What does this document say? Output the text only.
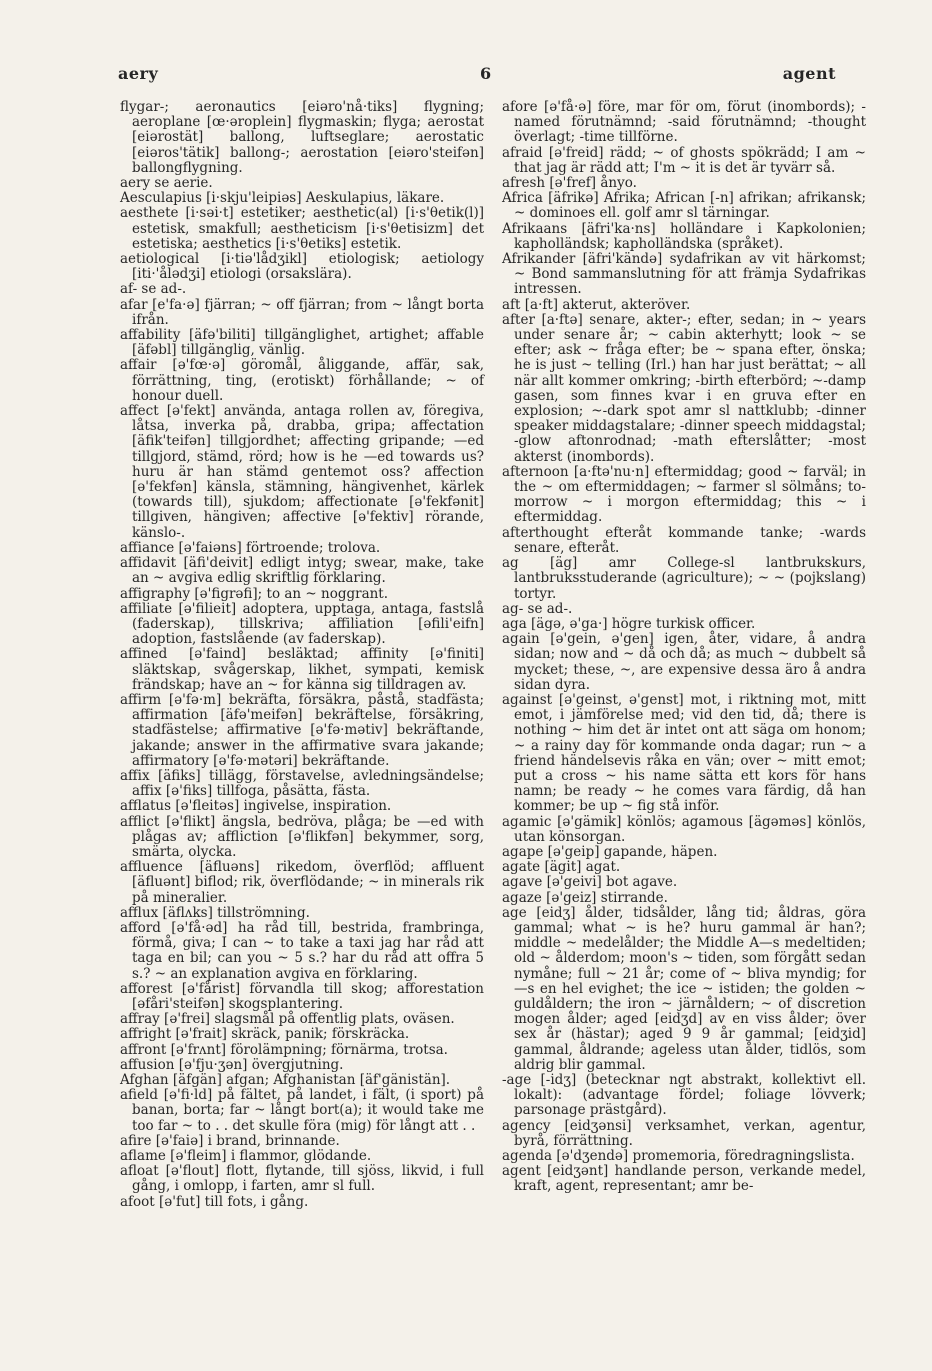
aery	6	agent

flygar-; aeronautics [eiəro'nå·tiks] flygning; aeroplane [œ·əroplein] flygmaskin; flyga; aerostat [eiərostät] ballong, luftseglare; aerostatic [eiəros'tätik] ballong-; aerostation [eiəro'steifən] ballongflygning.

aery se aerie.

Aesculapius [i·skju'leipiəs] Aeskulapius, läkare.

aesthete [i·səi·t] estetiker; aesthetic(al) [i·s'θetik(l)] estetisk, smakfull; aestheticism [i·s'θetisizm] det estetiska; aesthetics [i·s'θetiks] estetik.

aetiological [i·tiə'lådʒikl] etiologisk; aetiology [iti·'ålədʒi] etiologi (orsakslära).

af- se ad-.

afar [e'fa·ə] fjärran; ~ off fjärran; from ~ långt borta ifrån.

affability [äfə'biliti] tillgänglighet, artighet; affable [äfəbl] tillgänglig, vänlig.

affair [ə'fœ·ə] göromål, åliggande, affär, sak, förrättning, ting, (erotiskt) förhållande; ~ of honour duell.

affect [ə'fekt] använda, antaga rollen av, föregiva, låtsa, inverka på, drabba, gripa; affectation [äfik'teifən] tillgjordhet; affecting gripande; —ed tillgjord, stämd, rörd; how is he —ed towards us? huru är han stämd gentemot oss? affection [ə'fekfən] känsla, stämning, hängivenhet, kärlek (towards till), sjukdom; affectionate [ə'fekfənit] tillgiven, hängiven; affective [ə'fektiv] rörande, känslo-.

affiance [ə'faiəns] förtroende; trolova.

affidavit [äfi'deivit] edligt intyg; swear, make, take an ~ avgiva edlig skriftlig förklaring.

affigraphy [ə'figrəfi]; to an ~ noggrant.

affiliate [ə'filieit] adoptera, upptaga, antaga, fastslå (faderskap), tillskriva; affiliation [əfili'eifn] adoption, fastslående (av faderskap).

affined [ə'faind] besläktad; affinity [ə'finiti] släktskap, svågerskap, likhet, sympati, kemisk frändskap; have an ~ for känna sig tilldragen av.

affirm [ə'fə·m] bekräfta, försäkra, påstå, stadfästa; affirmation [äfə'meifən] bekräftelse, försäkring, stadfästelse; affirmative [ə'fə·mətiv] bekräftande, jakande; answer in the affirmative svara jakande; affirmatory [ə'fə·mətəri] bekräftande.

affix [äfiks] tillägg, förstavelse, avledningsändelse; affix [ə'fiks] tillfoga, påsätta, fästa.

afflatus [ə'fleitəs] ingivelse, inspiration.

afflict [ə'flikt] ängsla, bedröva, plåga; be —ed with plågas av; affliction [ə'flikfən] bekymmer, sorg, smärta, olycka.

affluence [äfluəns] rikedom, överflöd; affluent [äfluənt] biflod; rik, överflödande; ~ in minerals rik på mineralier.

afflux [äflʌks] tillströmning.

afford [ə'få·əd] ha råd till, bestrida, frambringa, förmå, giva; I can ~ to take a taxi jag har råd att taga en bil; can you ~ 5 s.? har du råd att offra 5 s.? ~ an explanation avgiva en förklaring.

afforest [ə'fårist] förvandla till skog; afforestation [əfåri'steifən] skogsplantering.

affray [ə'frei] slagsmål på offentlig plats, oväsen.

affright [ə'frait] skräck, panik; förskräcka.

affront [ə'frʌnt] förolämpning; förnärma, trotsa.

affusion [ə'fju·ʒən] övergjutning.

Afghan [äfgän] afgan; Afghanistan [äf'gänistän].

afield [ə'fi·ld] på fältet, på landet, i fält, (i sport) på banan, borta; far ~ långt bort(a); it would take me too far ~ to . . det skulle föra (mig) för långt att . .

afire [ə'faiə] i brand, brinnande.

aflame [ə'fleim] i flammor, glödande.

afloat [ə'flout] flott, flytande, till sjöss, likvid, i full gång, i omlopp, i farten, amr sl full.

afoot [ə'fut] till fots, i gång.

afore [ə'få·ə] före, mar för om, förut (inombords); -named förutnämnd; -said förutnämnd; -thought överlagt; -time tillförne.

afraid [ə'freid] rädd; ~ of ghosts spökrädd; I am ~ that jag är rädd att; I'm ~ it is det är tyvärr så.

afresh [ə'fref] ånyo.

Africa [äfrikə] Afrika; African [-n] afrikan; afrikansk; ~ dominoes ell. golf amr sl tärningar.

Afrikaans [äfri'ka·ns] holländare i Kapkolonien; kapholländsk; kapholländska (språket).

Afrikander [äfri'kändə] sydafrikan av vit härkomst; ~ Bond sammanslutning för att främja Sydafrikas intressen.

aft [a·ft] akterut, akteröver.

after [a·ftə] senare, akter-; efter, sedan; in ~ years under senare år; ~ cabin akterhytt; look ~ se efter; ask ~ fråga efter; be ~ spana efter, önska; he is just ~ telling (Irl.) han har just berättat; ~ all när allt kommer omkring; -birth efterbörd; ~-damp gasen, som finnes kvar i en gruva efter en explosion; ~-dark spot amr sl nattklubb; -dinner speaker middagstalare; -dinner speech middagstal; -glow aftonrodnad; -math efterslåtter; -most akterst (inombords).

afternoon [a·ftə'nu·n] eftermiddag; good ~ farväl; in the ~ om eftermiddagen; ~ farmer sl sölmåns; to-morrow ~ i morgon eftermiddag; this ~ i eftermiddag.

afterthought efteråt kommande tanke; -wards senare, efteråt.

ag [äg] amr College-sl lantbrukskurs, lantbruksstuderande (agriculture); ~ ~ (pojkslang) tortyr.

ag- se ad-.

aga [ägə, ə'ga·] högre turkisk officer.

again [ə'gein, ə'gen] igen, åter, vidare, å andra sidan; now and ~ då och då; as much ~ dubbelt så mycket; these, ~, are expensive dessa äro å andra sidan dyra.

against [ə'geinst, ə'genst] mot, i riktning mot, mitt emot, i jämförelse med; vid den tid, då; there is nothing ~ him det är intet ont att säga om honom; ~ a rainy day för kommande onda dagar; run ~ a friend händelsevis råka en vän; over ~ mitt emot; put a cross ~ his name sätta ett kors för hans namn; be ready ~ he comes vara färdig, då han kommer; be up ~ fig stå inför.

agamic [ə'gämik] könlös; agamous [ägəməs] könlös, utan könsorgan.

agape [ə'geip] gapande, häpen.

agate [ägit] agat.

agave [ə'geivi] bot agave.

agaze [ə'geiz] stirrande.

age [eidʒ] ålder, tidsålder, lång tid; åldras, göra gammal; what ~ is he? huru gammal är han?; middle ~ medelålder; the Middle A—s medeltiden; old ~ ålderdom; moon's ~ tiden, som förgått sedan nymåne; full ~ 21 år; come of ~ bliva myndig; for —s en hel evighet; the ice ~ istiden; the golden ~ guldåldern; the iron ~ järnåldern; ~ of discretion mogen ålder; aged [eidʒd] av en viss ålder; över sex år (hästar); aged 9 9 år gammal; [eidʒid] gammal, åldrande; ageless utan ålder, tidlös, som aldrig blir gammal.

-age [-idʒ] (betecknar ngt abstrakt, kollektivt ell. lokalt): (advantage fördel; foliage lövverk; parsonage prästgård).

agency [eidʒənsi] verksamhet, verkan, agentur, byrå, förrättning.

agenda [ə'dʒendə] promemoria, föredragningslista.

agent [eidʒənt] handlande person, verkande medel, kraft, agent, representant; amr be-
